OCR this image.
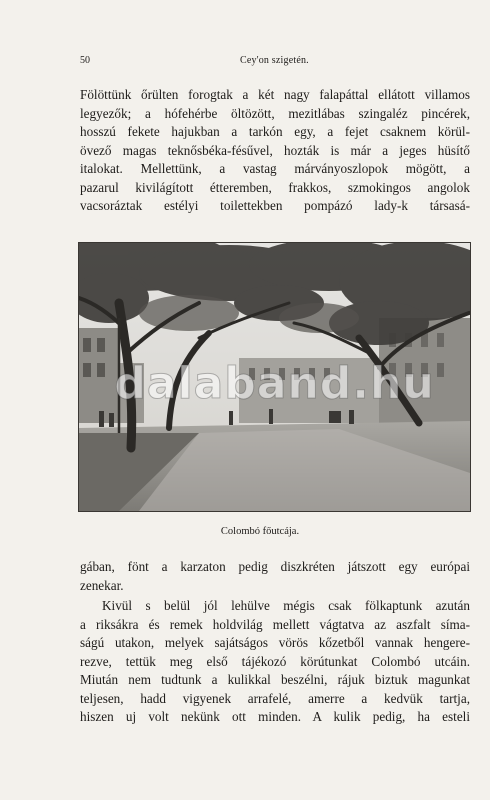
50	Cey'on szigetén.
Fölöttünk őrülten forogtak a két nagy falapáttal ellátott villamos
legyezők; a hófehérbe öltözött, mezitlábas szingaléz pincérek,
hosszú fekete hajukban a tarkón egy, a fejet csaknem körül-
övező magas teknősbéka-fésűvel, hozták is már a jeges hüsítő
italokat. Mellettünk, a vastag márványoszlopok mögött, a
pazarul kivilágított étteremben, frakkos, szmokingos angolok
vacsoráztak estélyi toilettekben pompázó lady-k társasá-
dalaband.hu
Colombó főutcája.
gában, fönt a karzaton pedig diszkréten játszott egy európai
zenekar.
Kivül s belül jól lehülve mégis csak fölkaptunk azután
a riksákra és remek holdvilág mellett vágtatva az aszfalt síma-
ságú utakon, melyek sajátságos vörös kőzetből vannak hengere-
rezve, tettük meg első tájékozó körútunkat Colombó utcáin.
Miután nem tudtunk a kulikkal beszélni, rájuk biztuk magunkat
teljesen, hadd vigyenek arrafelé, amerre a kedvük tartja,
hiszen uj volt nekünk ott minden. A kulik pedig, ha esteli
